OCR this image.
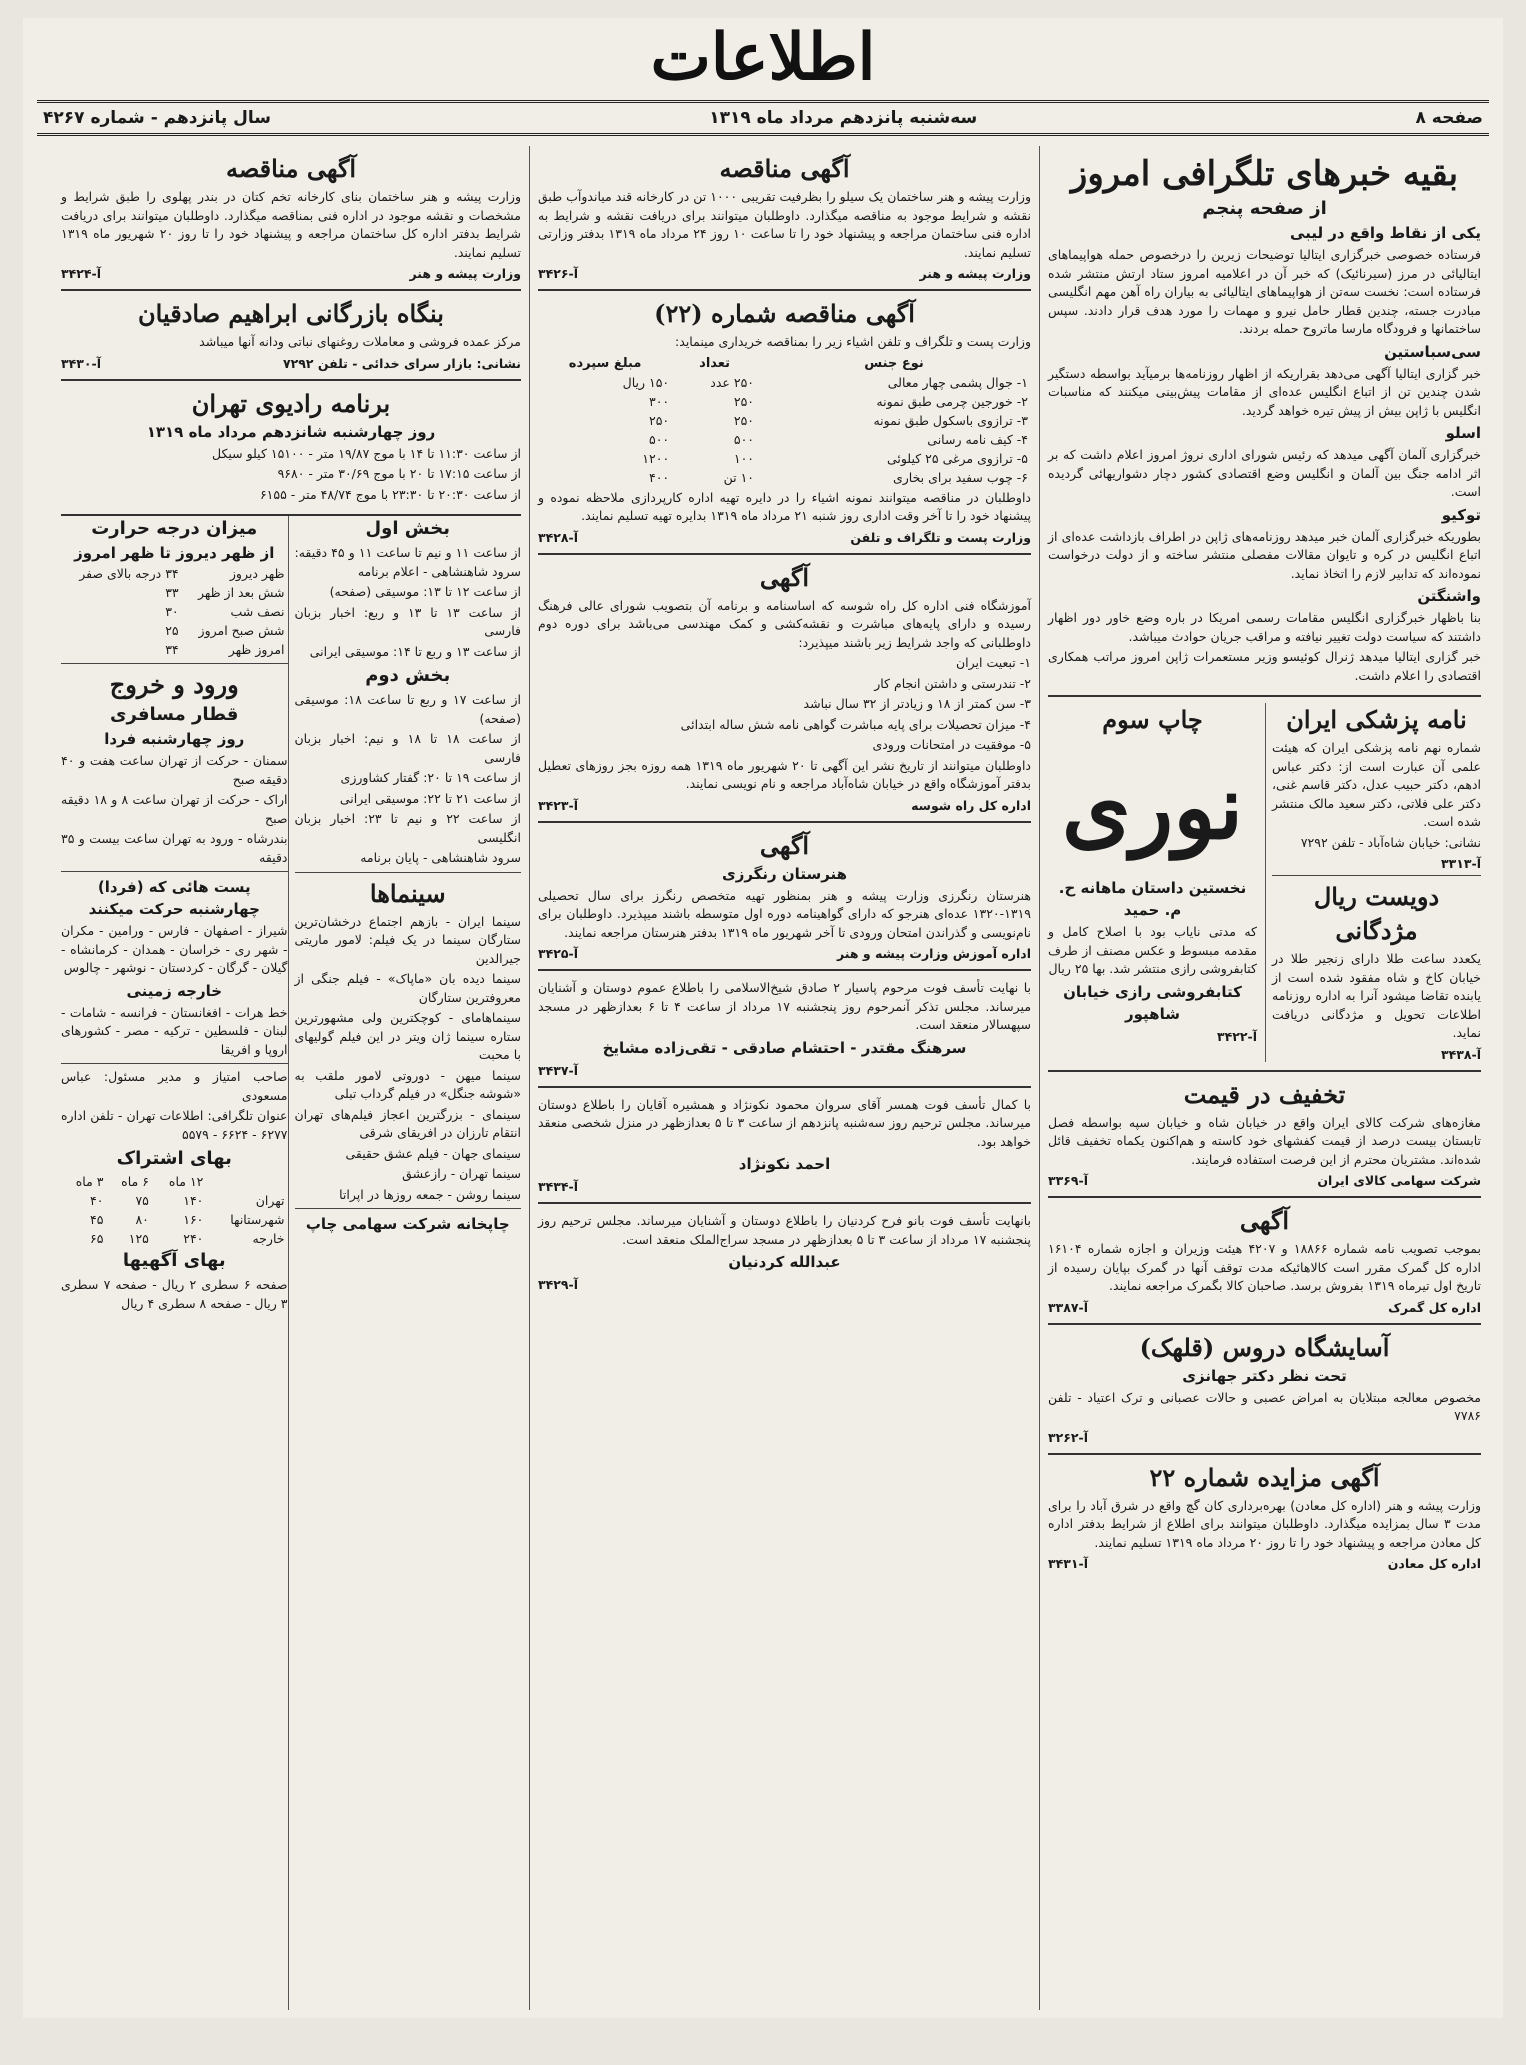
اطلاعات
صفحه ۸
سه‌شنبه پانزدهم مرداد ماه ۱۳۱۹
سال پانزدهم - شماره ۴۲۶۷
بقیه خبرهای تلگرافی امروز
از صفحه پنجم
یکی از نقاط واقع در لیبی

فرستاده خصوصی خبرگزاری ایتالیا توضیحات زیرین را درخصوص حمله هواپیماهای ایتالیائی در مرز (سیرنائیک) که خبر آن در اعلامیه امروز ستاد ارتش منتشر شده فرستاده است: نخست سه‌تن از هواپیماهای ایتالیائی به بیاران راه آهن مهم انگلیسی مبادرت جسته، چندین قطار حامل نیرو و مهمات را مورد هدف قرار دادند. سپس ساختمانها و فرودگاه مارسا ماتروح حمله بردند.

سی‌سباستین

خبر گزاری ایتالیا آگهی می‌دهد بقراریکه از اظهار روزنامه‌ها برمیآید بواسطه دستگیر شدن چندین تن از اتباع انگلیس عده‌ای از مقامات پیش‌بینی میکنند که مناسبات انگلیس با ژاپن بیش از پیش تیره خواهد گردید.

اسلو

خبرگزاری آلمان آگهی میدهد که رئیس شورای اداری نروژ امروز اعلام داشت که بر اثر ادامه جنگ بین آلمان و انگلیس وضع اقتصادی کشور دچار دشواریهائی گردیده است.

توکیو

بطوریکه خبرگزاری آلمان خبر میدهد روزنامه‌های ژاپن در اطراف بازداشت عده‌ای از اتباع انگلیس در کره و تایوان مقالات مفصلی منتشر ساخته و از دولت درخواست نموده‌اند که تدابیر لازم را اتخاذ نماید.

واشنگتن

بنا باظهار خبرگزاری انگلیس مقامات رسمی امریکا در باره وضع خاور دور اظهار داشتند که سیاست دولت تغییر نیافته و مراقب جریان حوادث میباشد.

خبر گزاری ایتالیا میدهد ژنرال کوئیسو وزیر مستعمرات ژاپن امروز مراتب همکاری اقتصادی را اعلام داشت.

نامه پزشکی ایران

شماره نهم نامه پزشکی ایران که هیئت علمی آن عبارت است از: دکتر عباس ادهم، دکتر حبیب عدل، دکتر قاسم غنی، دکتر علی فلاتی، دکتر سعید مالک منتشر شده است.

نشانی: خیابان شاه‌آباد - تلفن ۷۲۹۲

آ-۳۳۱۳
دویست ریال مژدگانی

یکعدد ساعت طلا دارای زنجیر طلا در خیابان کاخ و شاه مفقود شده است از یابنده تقاضا میشود آنرا به اداره روزنامه اطلاعات تحویل و مژدگانی دریافت نماید.

آ-۳۴۳۸
چاپ سوم
نوری
نخستین داستان ماهانه ح. م. حمید

که مدتی نایاب بود با اصلاح کامل و مقدمه مبسوط و عکس مصنف از طرف کتابفروشی رازی منتشر شد. بها ۲۵ ریال

کتابفروشی رازی خیابان شاهپور
آ-۳۴۲۲
تخفیف در قیمت

مغازه‌های شرکت کالای ایران واقع در خیابان شاه و خیابان سپه بواسطه فصل تابستان بیست درصد از قیمت کفشهای خود کاسته و هم‌اکنون یکماه تخفیف قائل شده‌اند. مشتریان محترم از این فرصت استفاده فرمایند.

شرکت سهامی کالای ایران
آ-۳۳۶۹
آگهی

بموجب تصویب نامه شماره ۱۸۸۶۶ و ۴۲۰۷ هیئت وزیران و اجازه شماره ۱۶۱۰۴ اداره کل گمرک مقرر است کالاهائیکه مدت توقف آنها در گمرک بپایان رسیده از تاریخ اول تیرماه ۱۳۱۹ بفروش برسد. صاحبان کالا بگمرک مراجعه نمایند.

اداره کل گمرک
آ-۳۳۸۷
آسایشگاه دروس (قلهک)
تحت نظر دکتر جهانزی

مخصوص معالجه مبتلایان به امراض عصبی و حالات عصبانی و ترک اعتیاد - تلفن ۷۷۸۶

آ-۳۲۶۲
آگهی مزایده شماره ۲۲

وزارت پیشه و هنر (اداره کل معادن) بهره‌برداری کان گچ واقع در شرق آباد را برای مدت ۳ سال بمزایده میگذارد. داوطلبان میتوانند برای اطلاع از شرایط بدفتر اداره کل معادن مراجعه و پیشنهاد خود را تا روز ۲۰ مرداد ماه ۱۳۱۹ تسلیم نمایند.

اداره کل معادن
آ-۳۴۳۱
آگهی مناقصه

وزارت پیشه و هنر ساختمان یک سیلو را بظرفیت تقریبی ۱۰۰۰ تن در کارخانه قند میاندوآب طبق نقشه و شرایط موجود به مناقصه میگذارد. داوطلبان میتوانند برای دریافت نقشه و شرایط به اداره فنی ساختمان مراجعه و پیشنهاد خود را تا ساعت ۱۰ روز ۲۴ مرداد ماه ۱۳۱۹ بدفتر وزارتی تسلیم نمایند.

وزارت پیشه و هنر
آ-۳۴۲۶
آگهی مناقصه شماره (۲۲)

وزارت پست و تلگراف و تلفن اشیاء زیر را بمناقصه خریداری مینماید:

نوع جنس	تعداد	مبلغ سپرده
۱- جوال پشمی چهار معالی	۲۵۰ عدد	۱۵۰ ریال
۲- خورجین چرمی طبق نمونه	۲۵۰	۳۰۰
۳- ترازوی باسکول طبق نمونه	۲۵۰	۲۵۰
۴- کیف نامه رسانی	۵۰۰	۵۰۰
۵- ترازوی مرغی ۲۵ کیلوئی	۱۰۰	۱۲۰۰
۶- چوب سفید برای بخاری	۱۰ تن	۴۰۰

داوطلبان در مناقصه میتوانند نمونه اشیاء را در دایره تهیه اداره کارپردازی ملاحظه نموده و پیشنهاد خود را تا آخر وقت اداری روز شنبه ۲۱ مرداد ماه ۱۳۱۹ بدایره تهیه تسلیم نمایند.

وزارت پست و تلگراف و تلفن
آ-۳۴۲۸
آگهی

آموزشگاه فنی اداره کل راه شوسه که اساسنامه و برنامه آن بتصویب شورای عالی فرهنگ رسیده و دارای پایه‌های مباشرت و نقشه‌کشی و کمک مهندسی می‌باشد برای دوره دوم داوطلبانی که واجد شرایط زیر باشند میپذیرد:

۱- تبعیت ایران

۲- تندرستی و داشتن انجام کار

۳- سن کمتر از ۱۸ و زیادتر از ۳۲ سال نباشد

۴- میزان تحصیلات برای پایه مباشرت گواهی نامه شش ساله ابتدائی

۵- موفقیت در امتحانات ورودی

داوطلبان میتوانند از تاریخ نشر این آگهی تا ۲۰ شهریور ماه ۱۳۱۹ همه روزه بجز روزهای تعطیل بدفتر آموزشگاه واقع در خیابان شاه‌آباد مراجعه و نام نویسی نمایند.

اداره کل راه شوسه
آ-۳۴۲۳
آگهی
هنرستان رنگرزی

هنرستان رنگرزی وزارت پیشه و هنر بمنظور تهیه متخصص رنگرز برای سال تحصیلی ۱۳۱۹-۱۳۲۰ عده‌ای هنرجو که دارای گواهینامه دوره اول متوسطه باشند میپذیرد. داوطلبان برای نام‌نویسی و گذراندن امتحان ورودی تا آخر شهریور ماه ۱۳۱۹ بدفتر هنرستان مراجعه نمایند.

اداره آموزش وزارت پیشه و هنر
آ-۳۴۲۵

با نهایت تأسف فوت مرحوم پاسیار ۲ صادق شیخ‌الاسلامی را باطلاع عموم دوستان و آشنایان میرساند. مجلس تذکر آنمرحوم روز پنجشنبه ۱۷ مرداد از ساعت ۴ تا ۶ بعدازظهر در مسجد سپهسالار منعقد است.

سرهنگ مقتدر - احتشام صادقی - تقی‌زاده مشایخ
آ-۳۴۳۷

با کمال تأسف فوت همسر آقای سروان محمود نکونژاد و همشیره آقایان را باطلاع دوستان میرساند. مجلس ترحیم روز سه‌شنبه پانزدهم از ساعت ۳ تا ۵ بعدازظهر در منزل شخصی منعقد خواهد بود.

احمد نکونژاد
آ-۳۴۳۴

بانهایت تأسف فوت بانو فرح کردنیان را باطلاع دوستان و آشنایان میرساند. مجلس ترحیم روز پنجشنبه ۱۷ مرداد از ساعت ۳ تا ۵ بعدازظهر در مسجد سراج‌الملک منعقد است.

عبدالله کردنیان
آ-۳۴۲۹
آگهی مناقصه

وزارت پیشه و هنر ساختمان بنای کارخانه تخم کتان در بندر پهلوی را طبق شرایط و مشخصات و نقشه موجود در اداره فنی بمناقصه میگذارد. داوطلبان میتوانند برای دریافت شرایط بدفتر اداره کل ساختمان مراجعه و پیشنهاد خود را تا روز ۲۰ شهریور ماه ۱۳۱۹ تسلیم نمایند.

وزارت پیشه و هنر
آ-۳۴۲۴
بنگاه بازرگانی ابراهیم صادقیان

مرکز عمده فروشی و معاملات روغنهای نباتی ودانه آنها میباشد

نشانی: بازار سرای خدائی - تلفن ۷۲۹۲
آ-۳۴۳۰
برنامه رادیوی تهران
روز چهارشنبه شانزدهم مرداد ماه ۱۳۱۹

از ساعت ۱۱:۳۰ تا ۱۴ با موج ۱۹/۸۷ متر - ۱۵۱۰۰ کیلو سیکل

از ساعت ۱۷:۱۵ تا ۲۰ با موج ۳۰/۶۹ متر - ۹۶۸۰

از ساعت ۲۰:۳۰ تا ۲۳:۳۰ با موج ۴۸/۷۴ متر - ۶۱۵۵

بخش اول

از ساعت ۱۱ و نیم تا ساعت ۱۱ و ۴۵ دقیقه: سرود شاهنشاهی - اعلام برنامه

از ساعت ۱۲ تا ۱۳: موسیقی (صفحه)

از ساعت ۱۳ تا ۱۳ و ربع: اخبار بزبان فارسی

از ساعت ۱۳ و ربع تا ۱۴: موسیقی ایرانی

بخش دوم

از ساعت ۱۷ و ربع تا ساعت ۱۸: موسیقی (صفحه)

از ساعت ۱۸ تا ۱۸ و نیم: اخبار بزبان فارسی

از ساعت ۱۹ تا ۲۰: گفتار کشاورزی

از ساعت ۲۱ تا ۲۲: موسیقی ایرانی

از ساعت ۲۲ و نیم تا ۲۳: اخبار بزبان انگلیسی

سرود شاهنشاهی - پایان برنامه

سینماها

سینما ایران - بازهم اجتماع درخشان‌ترین ستارگان سینما در یک فیلم: لامور ماریتی جیرالدین

سینما دیده بان «ماپاک» - فیلم جنگی از معروفترین ستارگان

سینماهامای - کوچکترین ولی مشهورترین ستاره سینما ژان ویتر در این فیلم گولیهای با محبت

سینما میهن - دوروتی لامور ملقب به «شوشه جنگل» در فیلم گرداب تبلی

سینمای - بزرگترین اعجاز فیلم‌های تهران انتقام تارزان در افریقای شرقی

سینمای جهان - فیلم عشق حقیقی

سینما تهران - رازعشق

سینما روشن - جمعه روزها در اپراتا

چاپخانه شرکت سهامی چاپ
میزان درجه حرارت
از ظهر دیروز تا ظهر امروز
ظهر دیروز	۳۴ درجه بالای صفر
شش بعد از ظهر	۳۳
نصف شب	۳۰
شش صبح امروز	۲۵
امروز ظهر	۳۴
ورود و خروج
قطار مسافری
روز چهارشنبه فردا

سمنان - حرکت از تهران ساعت هفت و ۴۰ دقیقه صبح

اراک - حرکت از تهران ساعت ۸ و ۱۸ دقیقه صبح

بندرشاه - ورود به تهران ساعت بیست و ۳۵ دقیقه

پست هائی که (فردا) چهارشنبه حرکت میکنند

شیراز - اصفهان - فارس - ورامین - مکران - شهر ری - خراسان - همدان - کرمانشاه - گیلان - گرگان - کردستان - نوشهر - چالوس

خارجه زمینی

خط هرات - افغانستان - فرانسه - شامات - لبنان - فلسطین - ترکیه - مصر - کشورهای اروپا و افریقا

صاحب امتیاز و مدیر مسئول: عباس مسعودی

عنوان تلگرافی: اطلاعات تهران - تلفن اداره ۶۲۷۷ - ۶۶۲۴ - ۵۵۷۹

بهای اشتراک
	۱۲ ماه	۶ ماه	۳ ماه
تهران	۱۴۰	۷۵	۴۰
شهرستانها	۱۶۰	۸۰	۴۵
خارجه	۲۴۰	۱۲۵	۶۵
بهای آگهیها

صفحه ۶ سطری ۲ ریال - صفحه ۷ سطری ۳ ریال - صفحه ۸ سطری ۴ ریال
